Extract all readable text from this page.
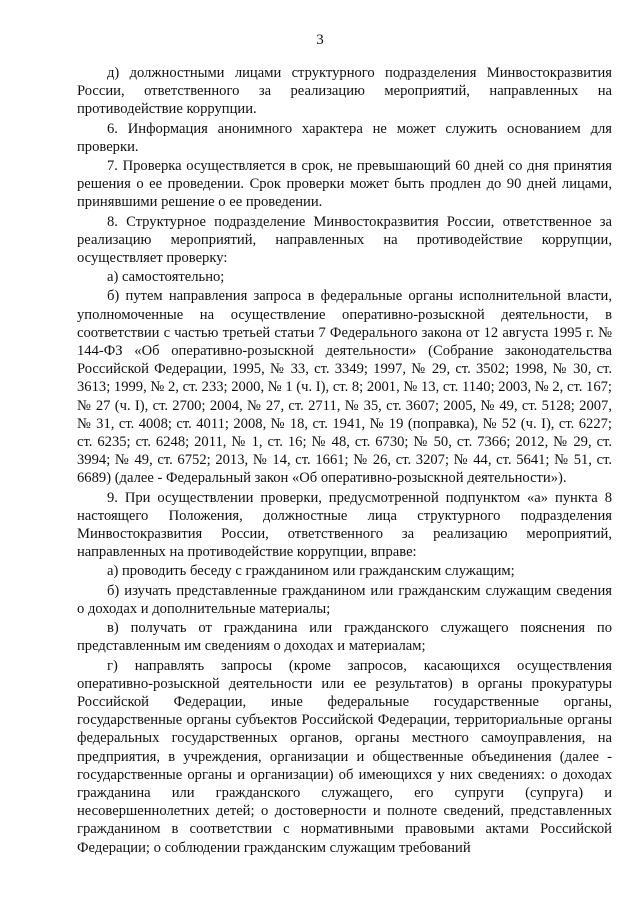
3

д) должностными лицами структурного подразделения Минвостокразвития России, ответственного за реализацию мероприятий, направленных на противодействие коррупции.

6. Информация анонимного характера не может служить основанием для проверки.

7. Проверка осуществляется в срок, не превышающий 60 дней со дня принятия решения о ее проведении. Срок проверки может быть продлен до 90 дней лицами, принявшими решение о ее проведении.

8. Структурное подразделение Минвостокразвития России, ответственное за реализацию мероприятий, направленных на противодействие коррупции, осуществляет проверку:

а) самостоятельно;

б) путем направления запроса в федеральные органы исполнительной власти, уполномоченные на осуществление оперативно-розыскной деятельности, в соответствии с частью третьей статьи 7 Федерального закона от 12 августа 1995 г. № 144-ФЗ «Об оперативно-розыскной деятельности» (Собрание законодательства Российской Федерации, 1995, № 33, ст. 3349; 1997, № 29, ст. 3502; 1998, № 30, ст. 3613; 1999, № 2, ст. 233; 2000, № 1 (ч. I), ст. 8; 2001, № 13, ст. 1140; 2003, № 2, ст. 167; № 27 (ч. I), ст. 2700; 2004, № 27, ст. 2711, № 35, ст. 3607; 2005, № 49, ст. 5128; 2007, № 31, ст. 4008; ст. 4011; 2008, № 18, ст. 1941, № 19 (поправка), № 52 (ч. I), ст. 6227; ст. 6235; ст. 6248; 2011, № 1, ст. 16; № 48, ст. 6730; № 50, ст. 7366; 2012, № 29, ст. 3994; № 49, ст. 6752; 2013, № 14, ст. 1661; № 26, ст. 3207; № 44, ст. 5641; № 51, ст. 6689) (далее - Федеральный закон «Об оперативно-розыскной деятельности»).

9. При осуществлении проверки, предусмотренной подпунктом «а» пункта 8 настоящего Положения, должностные лица структурного подразделения Минвостокразвития России, ответственного за реализацию мероприятий, направленных на противодействие коррупции, вправе:

а) проводить беседу с гражданином или гражданским служащим;

б) изучать представленные гражданином или гражданским служащим сведения о доходах и дополнительные материалы;

в) получать от гражданина или гражданского служащего пояснения по представленным им сведениям о доходах и материалам;

г) направлять запросы (кроме запросов, касающихся осуществления оперативно-розыскной деятельности или ее результатов) в органы прокуратуры Российской Федерации, иные федеральные государственные органы, государственные органы субъектов Российской Федерации, территориальные органы федеральных государственных органов, органы местного самоуправления, на предприятия, в учреждения, организации и общественные объединения (далее - государственные органы и организации) об имеющихся у них сведениях: о доходах гражданина или гражданского служащего, его супруги (супруга) и несовершеннолетних детей; о достоверности и полноте сведений, представленных гражданином в соответствии с нормативными правовыми актами Российской Федерации; о соблюдении гражданским служащим требований
